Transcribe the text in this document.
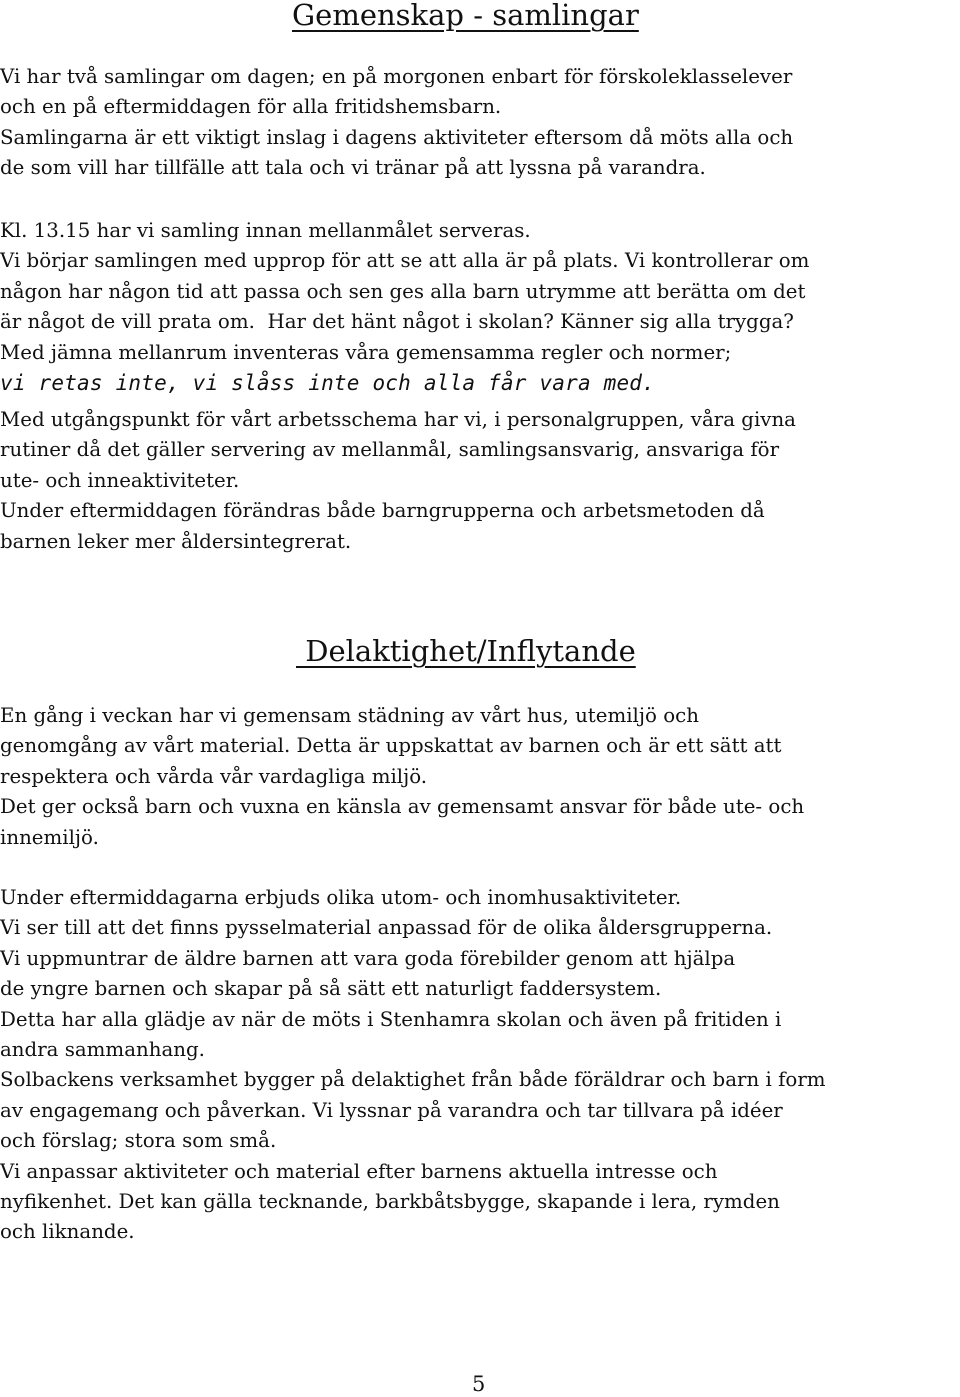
Gemenskap - samlingar

Vi har två samlingar om dagen; en på morgonen enbart för förskoleklasselever
och en på eftermiddagen för alla fritidshemsbarn.
Samlingarna är ett viktigt inslag i dagens aktiviteter eftersom då möts alla och
de som vill har tillfälle att tala och vi tränar på att lyssna på varandra.

Kl. 13.15 har vi samling innan mellanmålet serveras.
Vi börjar samlingen med upprop för att se att alla är på plats. Vi kontrollerar om
någon har någon tid att passa och sen ges alla barn utrymme att berätta om det
är något de vill prata om.  Har det hänt något i skolan? Känner sig alla trygga?
Med jämna mellanrum inventeras våra gemensamma regler och normer;

vi retas inte, vi slåss inte och alla får vara med.

Med utgångspunkt för vårt arbetsschema har vi, i personalgruppen, våra givna
rutiner då det gäller servering av mellanmål, samlingsansvarig, ansvariga för
ute- och inneaktiviteter.
Under eftermiddagen förändras både barngrupperna och arbetsmetoden då
barnen leker mer åldersintegrerat.

Delaktighet/Inflytande

En gång i veckan har vi gemensam städning av vårt hus, utemiljö och
genomgång av vårt material. Detta är uppskattat av barnen och är ett sätt att
respektera och vårda vår vardagliga miljö.
Det ger också barn och vuxna en känsla av gemensamt ansvar för både ute- och
innemiljö.

Under eftermiddagarna erbjuds olika utom- och inomhusaktiviteter.
Vi ser till att det finns pysselmaterial anpassad för de olika åldersgrupperna.
Vi uppmuntrar de äldre barnen att vara goda förebilder genom att hjälpa
de yngre barnen och skapar på så sätt ett naturligt faddersystem.
Detta har alla glädje av när de möts i Stenhamra skolan och även på fritiden i
andra sammanhang.
Solbackens verksamhet bygger på delaktighet från både föräldrar och barn i form
av engagemang och påverkan. Vi lyssnar på varandra och tar tillvara på idéer
och förslag; stora som små.
Vi anpassar aktiviteter och material efter barnens aktuella intresse och
nyfikenhet. Det kan gälla tecknande, barkbåtsbygge, skapande i lera, rymden
och liknande.

5
